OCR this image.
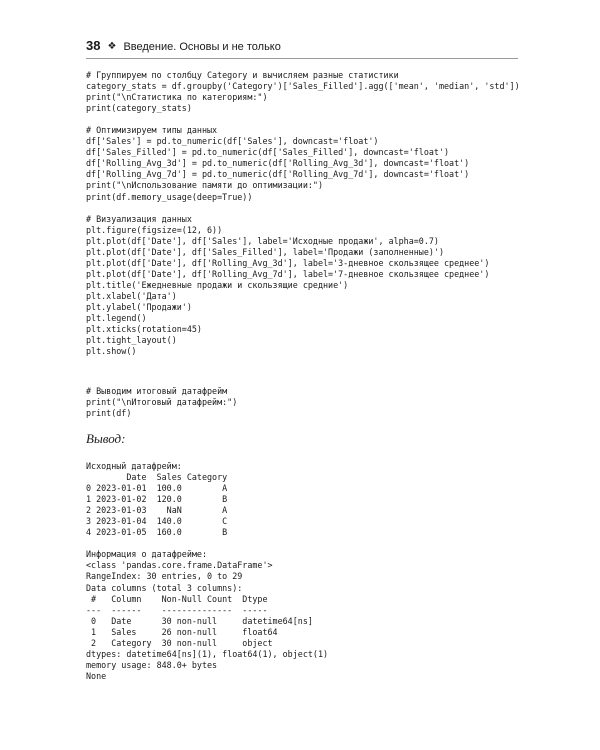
38 ❖ Введение. Основы и не только
# Группируем по столбцу Category и вычисляем разные статистики
category_stats = df.groupby('Category')['Sales_Filled'].agg(['mean', 'median', 'std'])
print("\nСтатистика по категориям:")
print(category_stats)

# Оптимизируем типы данных
df['Sales'] = pd.to_numeric(df['Sales'], downcast='float')
df['Sales_Filled'] = pd.to_numeric(df['Sales_Filled'], downcast='float')
df['Rolling_Avg_3d'] = pd.to_numeric(df['Rolling_Avg_3d'], downcast='float')
df['Rolling_Avg_7d'] = pd.to_numeric(df['Rolling_Avg_7d'], downcast='float')
print("\nИспользование памяти до оптимизации:")
print(df.memory_usage(deep=True))

# Визуализация данных
plt.figure(figsize=(12, 6))
plt.plot(df['Date'], df['Sales'], label='Исходные продажи', alpha=0.7)
plt.plot(df['Date'], df['Sales_Filled'], label='Продажи (заполненные)')
plt.plot(df['Date'], df['Rolling_Avg_3d'], label='3-дневное скользящее среднее')
plt.plot(df['Date'], df['Rolling_Avg_7d'], label='7-дневное скользящее среднее')
plt.title('Ежедневные продажи и скользящие средние')
plt.xlabel('Дата')
plt.ylabel('Продажи')
plt.legend()
plt.xticks(rotation=45)
plt.tight_layout()
plt.show()
# Выводим итоговый датафрейм
print("\nИтоговый датафрейм:")
print(df)
Вывод:
Исходный датафрейм:
Date  Sales Category
0 2023-01-01  100.0        A
1 2023-01-02  120.0        B
2 2023-01-03    NaN        A
3 2023-01-04  140.0        C
4 2023-01-05  160.0        B

Информация о датафрейме:
<class 'pandas.core.frame.DataFrame'>
RangeIndex: 30 entries, 0 to 29
Data columns (total 3 columns):
#   Column    Non-Null Count  Dtype
---  ------    --------------  -----
0   Date      30 non-null     datetime64[ns]
1   Sales     26 non-null     float64
2   Category  30 non-null     object
dtypes: datetime64[ns](1), float64(1), object(1)
memory usage: 848.0+ bytes
None
